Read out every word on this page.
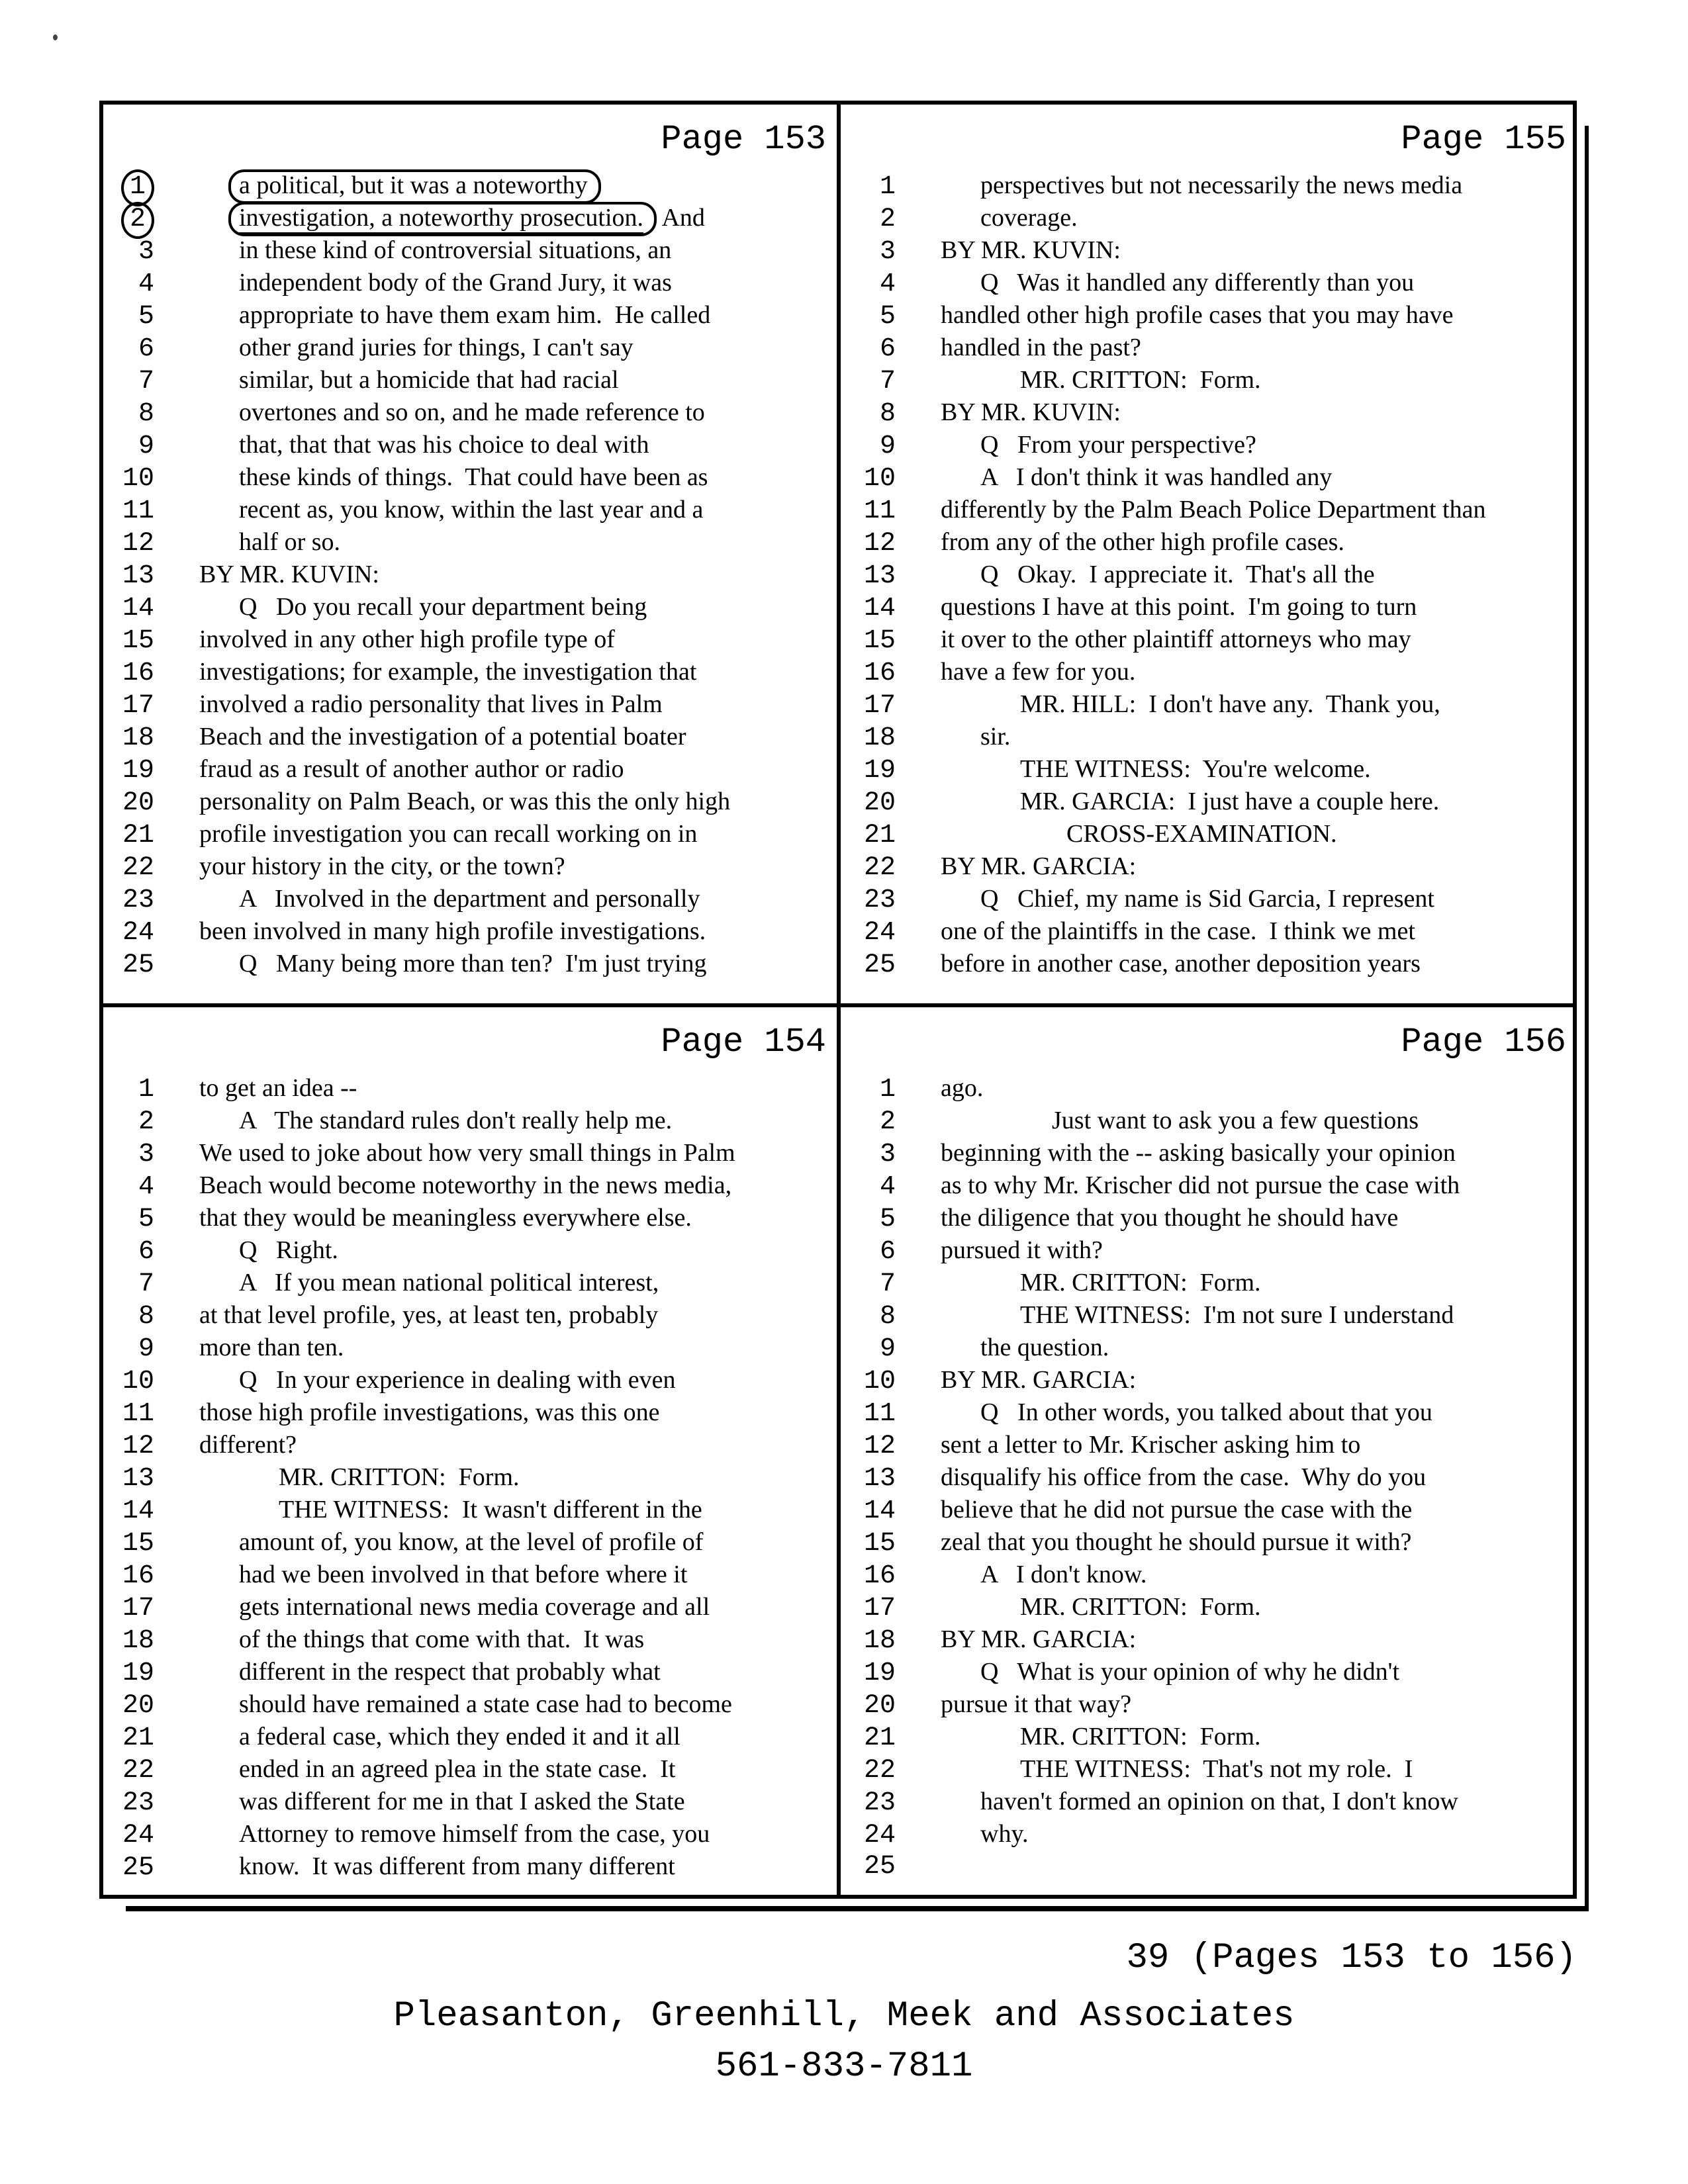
Page 153
1	a political, but it was a noteworthy
2	investigation, a noteworthy prosecution. And
3	in these kind of controversial situations, an
4	independent body of the Grand Jury, it was
5	appropriate to have them exam him.  He called
6	other grand juries for things, I can't say
7	similar, but a homicide that had racial
8	overtones and so on, and he made reference to
9	that, that that was his choice to deal with
10	these kinds of things.  That could have been as
11	recent as, you know, within the last year and a
12	half or so.
13 BY MR. KUVIN:
14	Q   Do you recall your department being
15 involved in any other high profile type of
16 investigations; for example, the investigation that
17 involved a radio personality that lives in Palm
18 Beach and the investigation of a potential boater
19 fraud as a result of another author or radio
20 personality on Palm Beach, or was this the only high
21 profile investigation you can recall working on in
22 your history in the city, or the town?
23	A   Involved in the department and personally
24 been involved in many high profile investigations.
25	Q   Many being more than ten?  I'm just trying
Page 155
1	perspectives but not necessarily the news media
2	coverage.
3 BY MR. KUVIN:
4	Q   Was it handled any differently than you
5 handled other high profile cases that you may have
6 handled in the past?
7	MR. CRITTON:  Form.
8 BY MR. KUVIN:
9	Q   From your perspective?
10	A   I don't think it was handled any
11 differently by the Palm Beach Police Department than
12 from any of the other high profile cases.
13	Q   Okay.  I appreciate it.  That's all the
14 questions I have at this point.  I'm going to turn
15 it over to the other plaintiff attorneys who may
16 have a few for you.
17	MR. HILL:  I don't have any.  Thank you,
18	sir.
19	THE WITNESS:  You're welcome.
20	MR. GARCIA:  I just have a couple here.
21	CROSS-EXAMINATION.
22 BY MR. GARCIA:
23	Q   Chief, my name is Sid Garcia, I represent
24 one of the plaintiffs in the case.  I think we met
25 before in another case, another deposition years
Page 154
1 to get an idea --
2	A   The standard rules don't really help me.
3 We used to joke about how very small things in Palm
4 Beach would become noteworthy in the news media,
5 that they would be meaningless everywhere else.
6	Q   Right.
7	A   If you mean national political interest,
8 at that level profile, yes, at least ten, probably
9 more than ten.
10	Q   In your experience in dealing with even
11 those high profile investigations, was this one
12 different?
13	MR. CRITTON:  Form.
14	THE WITNESS:  It wasn't different in the
15	amount of, you know, at the level of profile of
16	had we been involved in that before where it
17	gets international news media coverage and all
18	of the things that come with that.  It was
19	different in the respect that probably what
20	should have remained a state case had to become
21	a federal case, which they ended it and it all
22	ended in an agreed plea in the state case.  It
23	was different for me in that I asked the State
24	Attorney to remove himself from the case, you
25	know.  It was different from many different
Page 156
1 ago.
2	Just want to ask you a few questions
3 beginning with the -- asking basically your opinion
4 as to why Mr. Krischer did not pursue the case with
5 the diligence that you thought he should have
6 pursued it with?
7	MR. CRITTON:  Form.
8	THE WITNESS:  I'm not sure I understand
9	the question.
10 BY MR. GARCIA:
11	Q   In other words, you talked about that you
12 sent a letter to Mr. Krischer asking him to
13 disqualify his office from the case.  Why do you
14 believe that he did not pursue the case with the
15 zeal that you thought he should pursue it with?
16	A   I don't know.
17	MR. CRITTON:  Form.
18 BY MR. GARCIA:
19	Q   What is your opinion of why he didn't
20 pursue it that way?
21	MR. CRITTON:  Form.
22	THE WITNESS:  That's not my role.  I
23	haven't formed an opinion on that, I don't know
24	why.
25
39 (Pages 153 to 156)
Pleasanton, Greenhill, Meek and Associates
561-833-7811
